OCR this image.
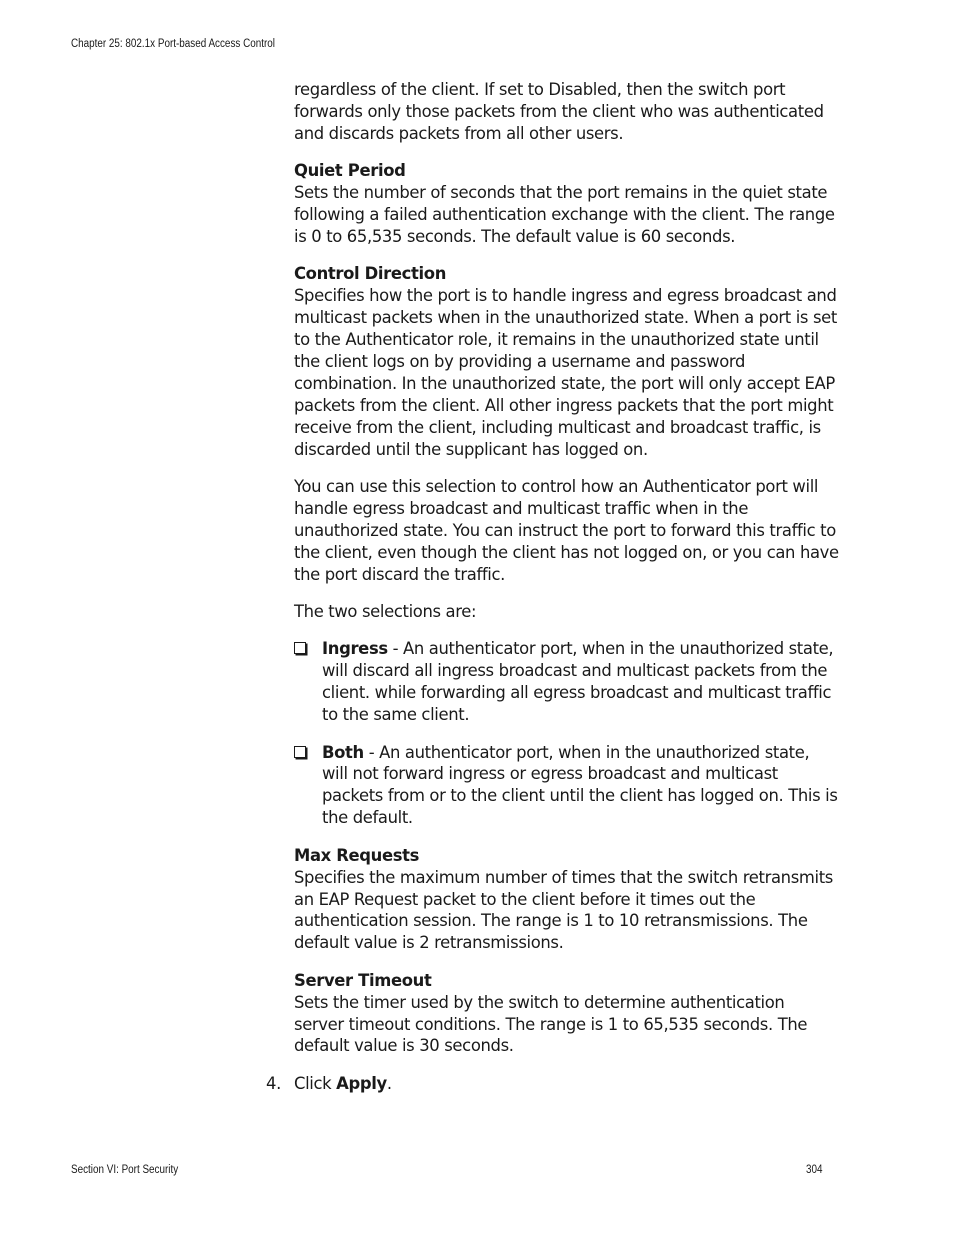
Chapter 25: 802.1x Port-based Access Control

regardless of the client. If set to Disabled, then the switch port forwards only those packets from the client who was authenticated and discards packets from all other users.

Quiet Period

Sets the number of seconds that the port remains in the quiet state following a failed authentication exchange with the client. The range is 0 to 65,535 seconds. The default value is 60 seconds.

Control Direction

Specifies how the port is to handle ingress and egress broadcast and multicast packets when in the unauthorized state. When a port is set to the Authenticator role, it remains in the unauthorized state until the client logs on by providing a username and password combination. In the unauthorized state, the port will only accept EAP packets from the client. All other ingress packets that the port might receive from the client, including multicast and broadcast traffic, is discarded until the supplicant has logged on.

You can use this selection to control how an Authenticator port will handle egress broadcast and multicast traffic when in the unauthorized state. You can instruct the port to forward this traffic to the client, even though the client has not logged on, or you can have the port discard the traffic.

The two selections are:

Ingress - An authenticator port, when in the unauthorized state, will discard all ingress broadcast and multicast packets from the client. while forwarding all egress broadcast and multicast traffic to the same client.

Both - An authenticator port, when in the unauthorized state, will not forward ingress or egress broadcast and multicast packets from or to the client until the client has logged on. This is the default.

Max Requests

Specifies the maximum number of times that the switch retransmits an EAP Request packet to the client before it times out the authentication session. The range is 1 to 10 retransmissions. The default value is 2 retransmissions.

Server Timeout

Sets the timer used by the switch to determine authentication server timeout conditions. The range is 1 to 65,535 seconds. The default value is 30 seconds.

4. Click Apply.

Section VI: Port Security	304
